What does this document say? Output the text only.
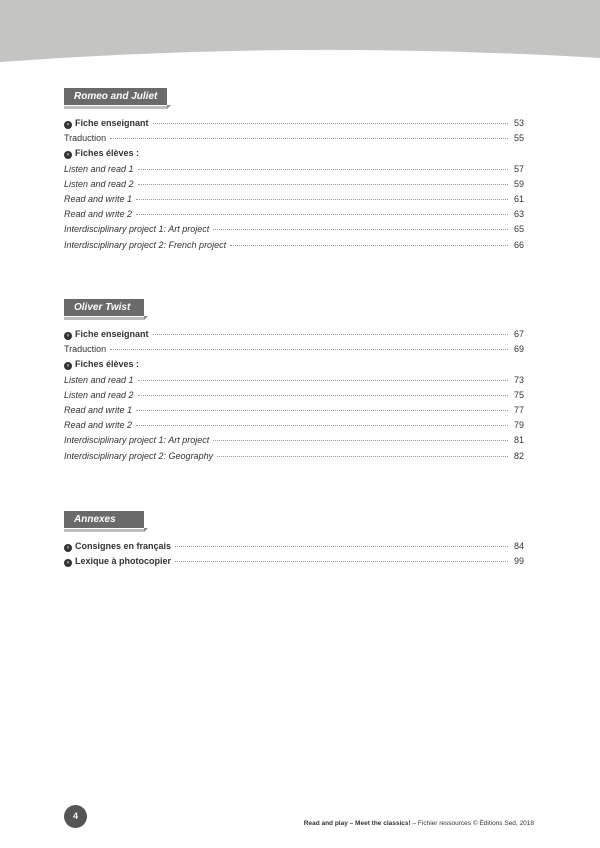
Romeo and Juliet
› Fiche enseignant	53
Traduction	55
› Fiches élèves :
Listen and read 1	57
Listen and read 2	59
Read and write 1	61
Read and write 2	63
Interdisciplinary project 1: Art project	65
Interdisciplinary project 2: French project	66
Oliver Twist
› Fiche enseignant	67
Traduction	69
› Fiches élèves :
Listen and read 1	73
Listen and read 2	75
Read and write 1	77
Read and write 2	79
Interdisciplinary project 1: Art project	81
Interdisciplinary project 2: Geography	82
Annexes
› Consignes en français	84
› Lexique à photocopier	99
4
Read and play – Meet the classics! – Fichier ressources © Éditions Sed, 2018
